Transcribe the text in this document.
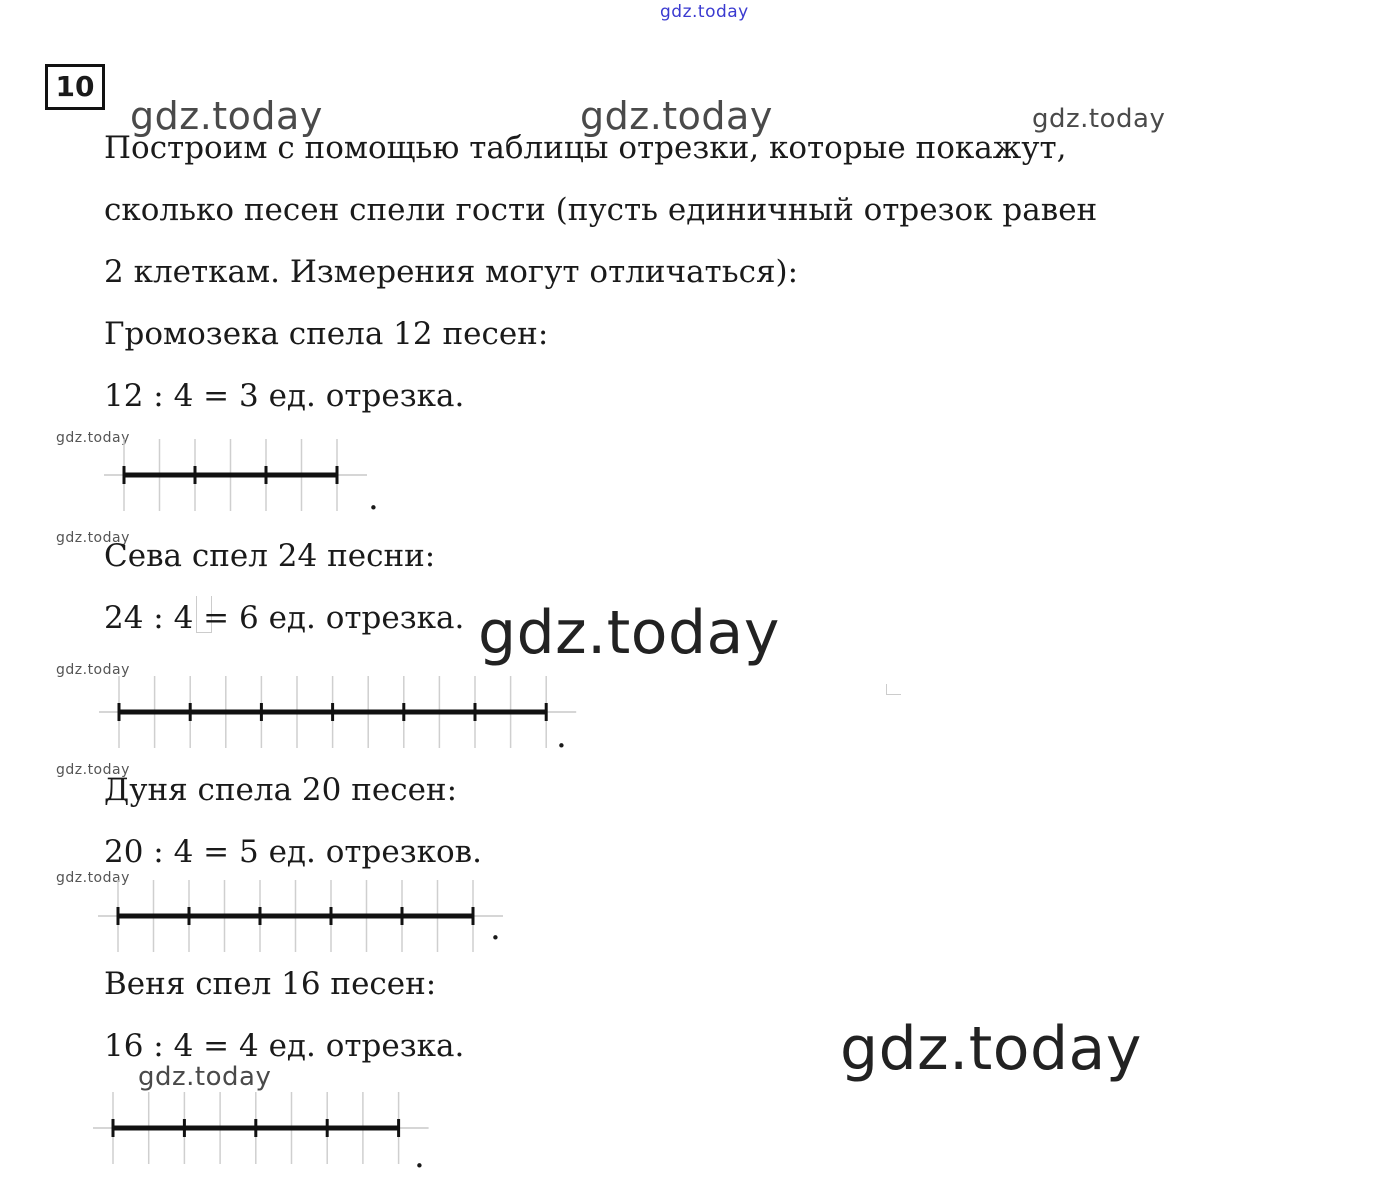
gdz.today
gdz.today	gdz.today	gdz.today
gdz.today
gdz.today
gdz.today
gdz.today
gdz.today
gdz.today
gdz.today
gdz.today
10
Построим с помощью таблицы отрезки, которые покажут,
сколько песен спели гости (пусть единичный отрезок равен
2 клеткам. Измерения могут отличаться):
Громозека спела 12 песен:
12 : 4 = 3 ед. отрезка.
.
Сева спел 24 песни:
24 : 4 = 6 ед. отрезка.
.
Дуня спела 20 песен:
20 : 4 = 5 ед. отрезков.
.
Веня спел 16 песен:
16 : 4 = 4 ед. отрезка.
.
